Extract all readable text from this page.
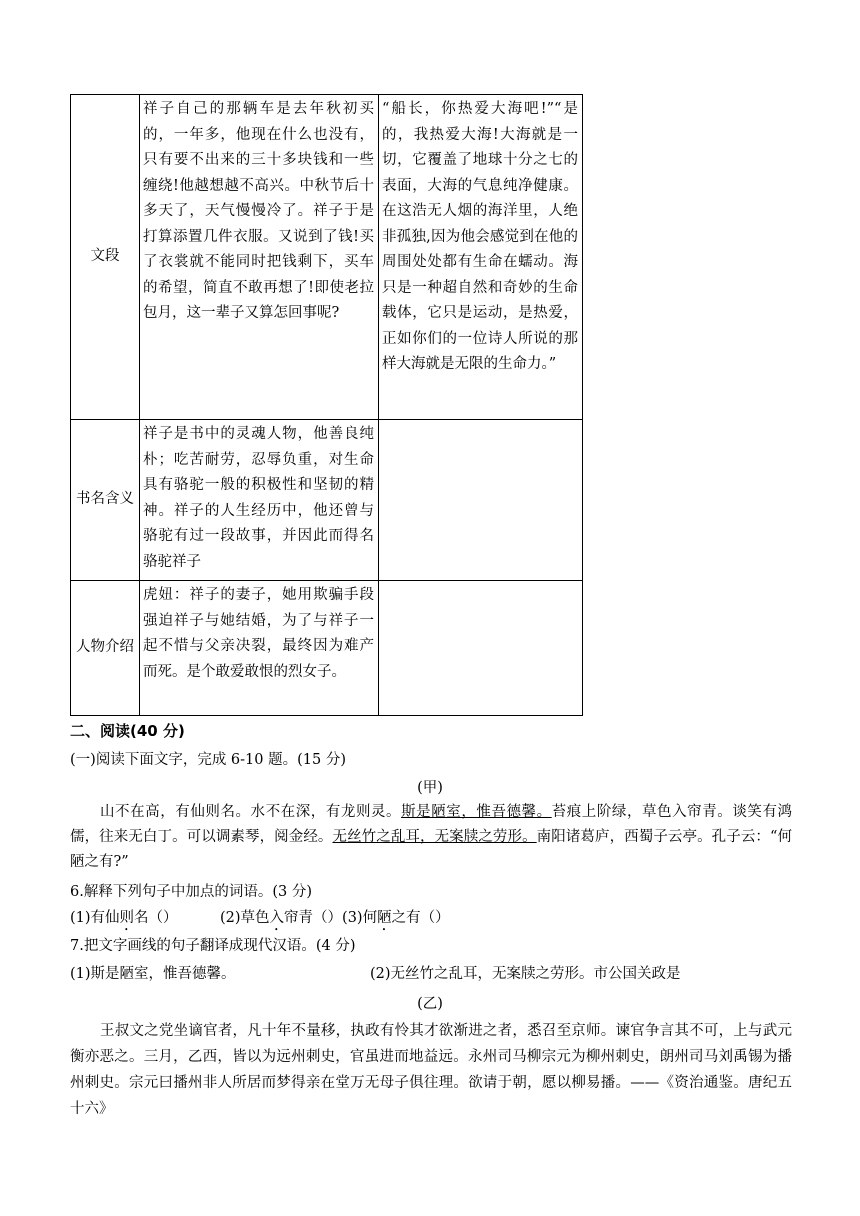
文段	祥子自己的那辆车是去年秋初买的，一年多，他现在什么也没有，只有要不出来的三十多块钱和一些缠绕!他越想越不高兴。中秋节后十多天了，天气慢慢冷了。祥子于是打算添置几件衣服。又说到了钱!买了衣裳就不能同时把钱剩下，买车的希望，简直不敢再想了!即使老拉包月，这一辈子又算怎回事呢?	“船长，你热爱大海吧!”“是的，我热爱大海!大海就是一切，它覆盖了地球十分之七的表面，大海的气息纯净健康。在这浩无人烟的海洋里，人绝非孤独,因为他会感觉到在他的周围处处都有生命在蠕动。海只是一种超自然和奇妙的生命载体，它只是运动，是热爱，正如你们的一位诗人所说的那样大海就是无限的生命力。”
书名含义	祥子是书中的灵魂人物，他善良纯朴；吃苦耐劳，忍辱负重，对生命具有骆驼一般的积极性和坚韧的精神。祥子的人生经历中，他还曾与骆驼有过一段故事，并因此而得名骆驼祥子	
人物介绍	虎妞：祥子的妻子，她用欺骗手段强迫祥子与她结婚，为了与祥子一起不惜与父亲决裂，最终因为难产而死。是个敢爱敢恨的烈女子。	
二、阅读(40 分)
(一)阅读下面文字，完成 6-10 题。(15 分)
(甲)
山不在高，有仙则名。水不在深，有龙则灵。斯是陋室，惟吾德馨。苔痕上阶绿，草色入帘青。谈笑有鸿儒，往来无白丁。可以调素琴，阅金经。无丝竹之乱耳，无案牍之劳形。南阳诸葛庐，西蜀子云亭。孔子云：“何陋之有?”
6.解释下列句子中加点的词语。(3 分)
(1)有仙则名（）	(2)草色入帘青（）(3)何陋之有（）
7.把文字画线的句子翻译成现代汉语。(4 分)
(1)斯是陋室，惟吾德馨。	(2)无丝竹之乱耳，无案牍之劳形。市公国关政是
(乙)
王叔文之党坐谪官者，凡十年不量移，执政有怜其才欲渐进之者，悉召至京师。谏官争言其不可，上与武元衡亦恶之。三月，乙西，皆以为远州刺史，官虽进而地益远。永州司马柳宗元为柳州刺史，朗州司马刘禹锡为播州刺史。宗元曰播州非人所居而梦得亲在堂万无母子俱往理。欲请于朝，愿以柳易播。——《资治通鉴。唐纪五十六》
